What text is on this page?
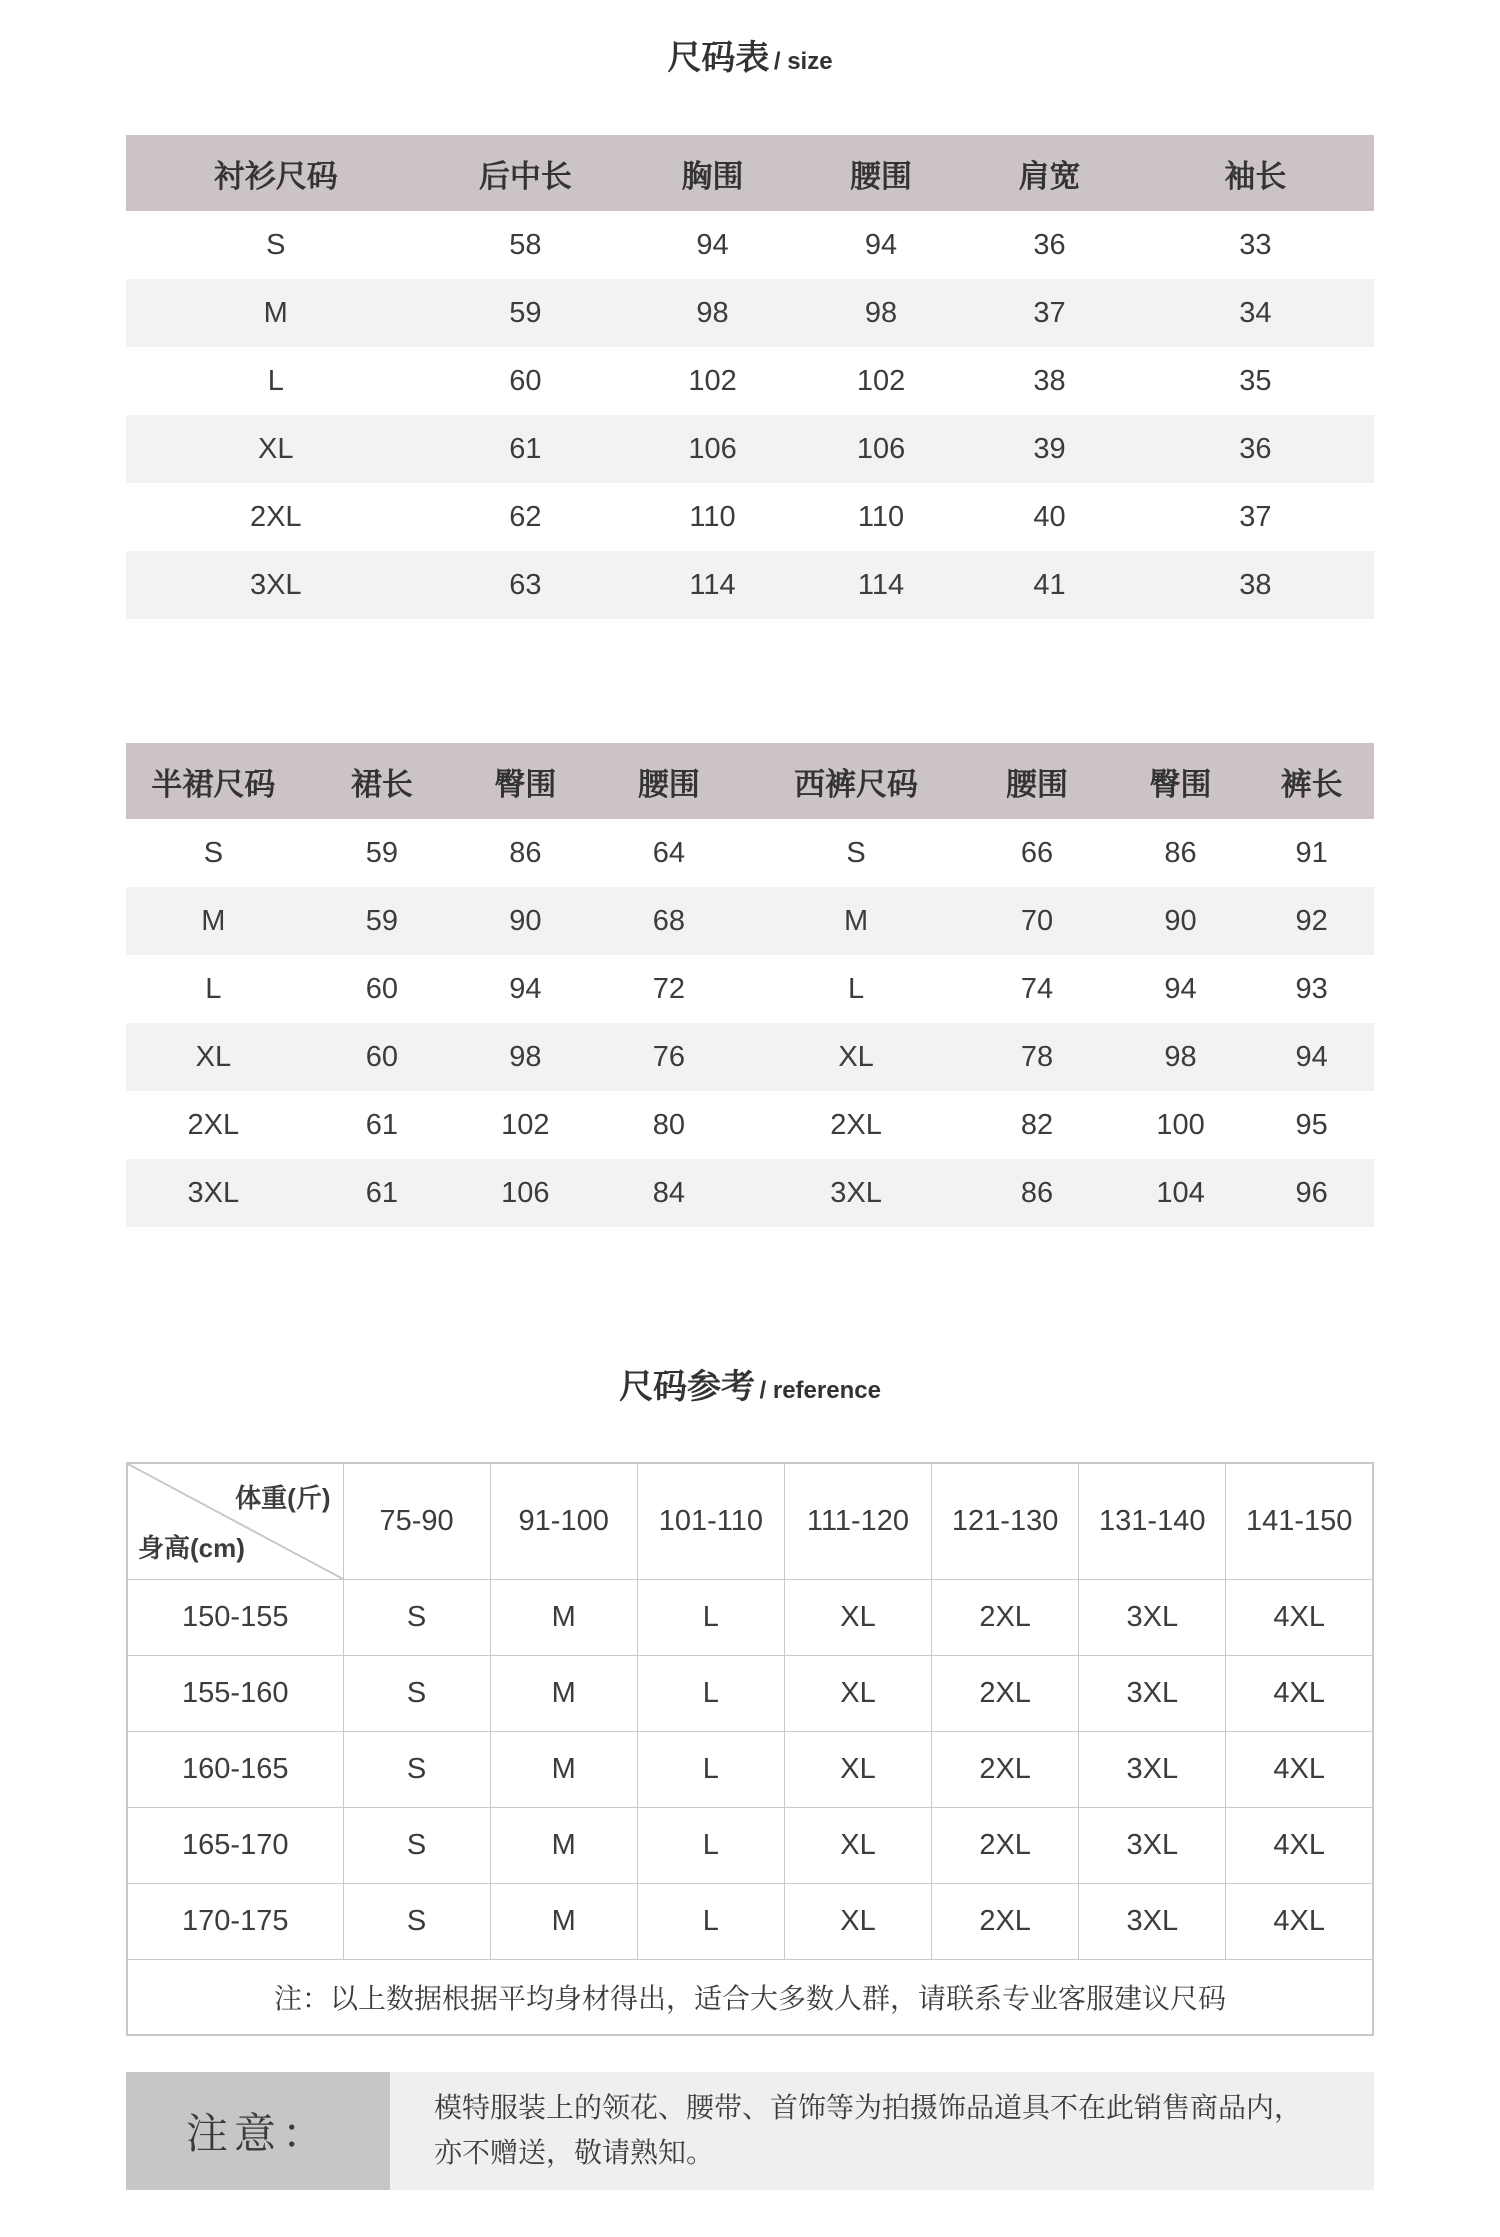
尺码表 / size
衬衫尺码	后中长	胸围	腰围	肩宽	袖长
S	58	94	94	36	33
M	59	98	98	37	34
L	60	102	102	38	35
XL	61	106	106	39	36
2XL	62	110	110	40	37
3XL	63	114	114	41	38
半裙尺码	裙长	臀围	腰围	西裤尺码	腰围	臀围	裤长
S	59	86	64	S	66	86	91
M	59	90	68	M	70	90	92
L	60	94	72	L	74	94	93
XL	60	98	76	XL	78	98	94
2XL	61	102	80	2XL	82	100	95
3XL	61	106	84	3XL	86	104	96
尺码参考 / reference
体重(斤)
身高(cm)	75-90	91-100	101-110	111-120	121-130	131-140	141-150
150-155	S	M	L	XL	2XL	3XL	4XL
155-160	S	M	L	XL	2XL	3XL	4XL
160-165	S	M	L	XL	2XL	3XL	4XL
165-170	S	M	L	XL	2XL	3XL	4XL
170-175	S	M	L	XL	2XL	3XL	4XL
注：以上数据根据平均身材得出，适合大多数人群，请联系专业客服建议尺码							
注意：
模特服装上的领花、腰带、首饰等为拍摄饰品道具不在此销售商品内，
亦不赠送，敬请熟知。
